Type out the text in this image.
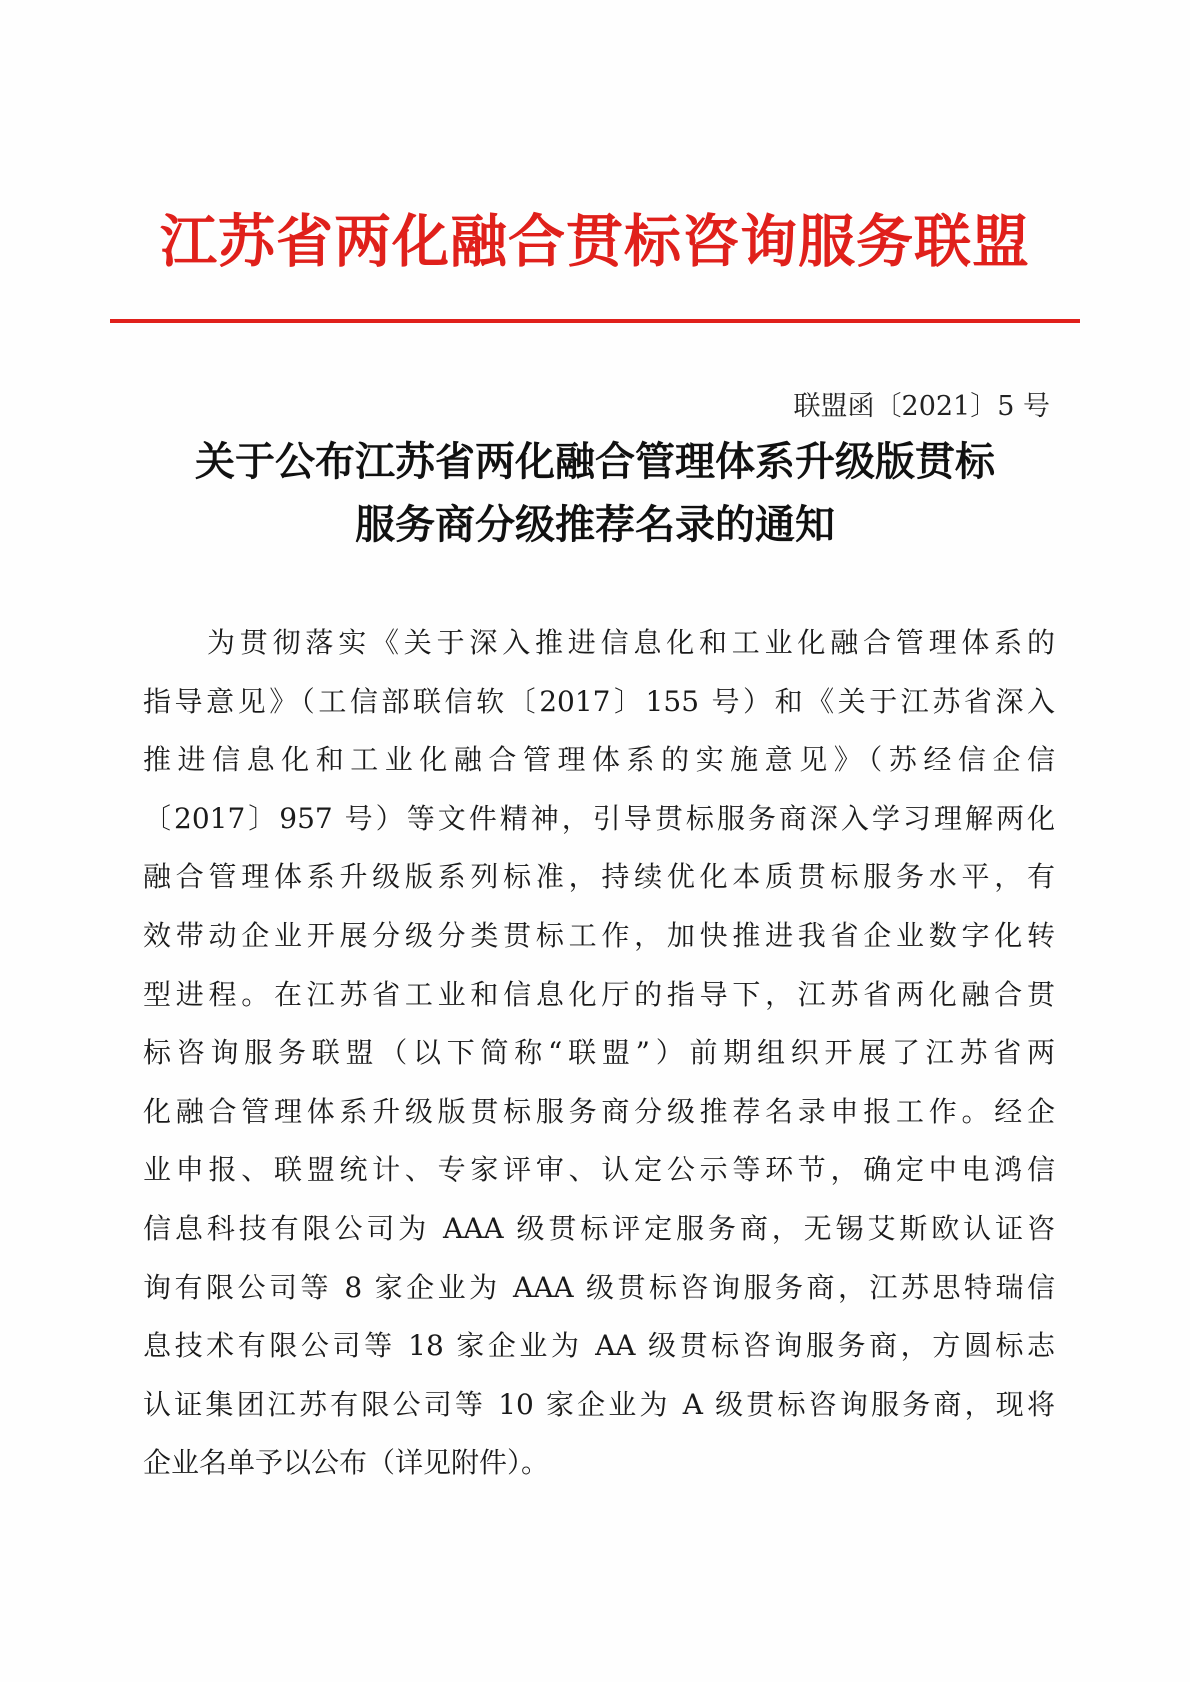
江苏省两化融合贯标咨询服务联盟
联盟函〔2021〕5 号
关于公布江苏省两化融合管理体系升级版贯标
服务商分级推荐名录的通知
为贯彻落实《关于深入推进信息化和工业化融合管理体系的
指导意见》（工信部联信软〔2017〕155 号）和《关于江苏省深入
推进信息化和工业化融合管理体系的实施意见》（苏经信企信
〔2017〕957 号）等文件精神，引导贯标服务商深入学习理解两化
融合管理体系升级版系列标准，持续优化本质贯标服务水平，有
效带动企业开展分级分类贯标工作，加快推进我省企业数字化转
型进程。在江苏省工业和信息化厅的指导下，江苏省两化融合贯
标咨询服务联盟（以下简称“联盟”）前期组织开展了江苏省两
化融合管理体系升级版贯标服务商分级推荐名录申报工作。经企
业申报、联盟统计、专家评审、认定公示等环节，确定中电鸿信
信息科技有限公司为 AAA 级贯标评定服务商，无锡艾斯欧认证咨
询有限公司等 8 家企业为 AAA 级贯标咨询服务商，江苏思特瑞信
息技术有限公司等 18 家企业为 AA 级贯标咨询服务商，方圆标志
认证集团江苏有限公司等 10 家企业为 A 级贯标咨询服务商，现将
企业名单予以公布（详见附件）。
